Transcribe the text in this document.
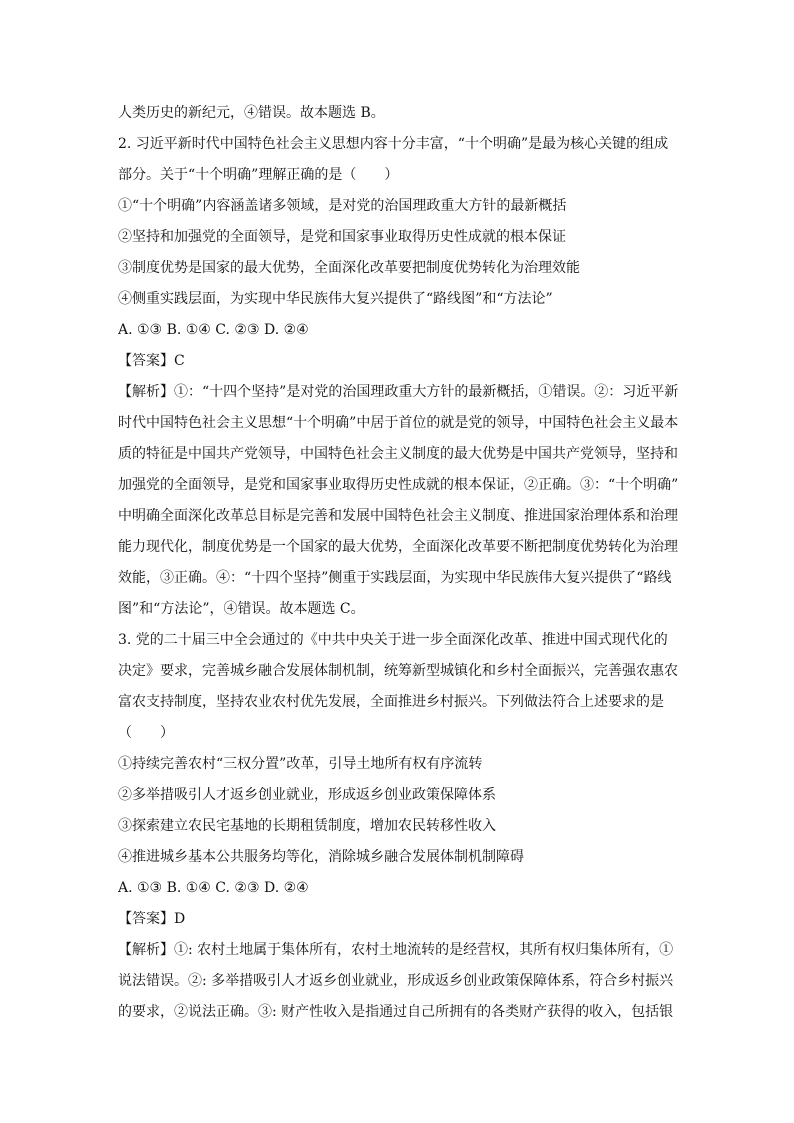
人类历史的新纪元，④错误。故本题选 B。
2. 习近平新时代中国特色社会主义思想内容十分丰富，“十个明确”是最为核心关键的组成
部分。关于“十个明确”理解正确的是（　　）
①“十个明确”内容涵盖诸多领域，是对党的治国理政重大方针的最新概括
②坚持和加强党的全面领导，是党和国家事业取得历史性成就的根本保证
③制度优势是国家的最大优势，全面深化改革要把制度优势转化为治理效能
④侧重实践层面，为实现中华民族伟大复兴提供了“路线图”和“方法论”
A. ①③ B. ①④ C. ②③ D. ②④
【答案】C
【解析】①：“十四个坚持”是对党的治国理政重大方针的最新概括，①错误。②：习近平新
时代中国特色社会主义思想“十个明确”中居于首位的就是党的领导，中国特色社会主义最本
质的特征是中国共产党领导，中国特色社会主义制度的最大优势是中国共产党领导，坚持和
加强党的全面领导，是党和国家事业取得历史性成就的根本保证，②正确。③：“十个明确”
中明确全面深化改革总目标是完善和发展中国特色社会主义制度、推进国家治理体系和治理
能力现代化，制度优势是一个国家的最大优势，全面深化改革要不断把制度优势转化为治理
效能，③正确。④：“十四个坚持”侧重于实践层面，为实现中华民族伟大复兴提供了“路线
图”和“方法论”，④错误。故本题选 C。
3. 党的二十届三中全会通过的《中共中央关于进一步全面深化改革、推进中国式现代化的
决定》要求，完善城乡融合发展体制机制，统筹新型城镇化和乡村全面振兴，完善强农惠农
富农支持制度，坚持农业农村优先发展，全面推进乡村振兴。下列做法符合上述要求的是
（　　）
①持续完善农村“三权分置”改革，引导土地所有权有序流转
②多举措吸引人才返乡创业就业，形成返乡创业政策保障体系
③探索建立农民宅基地的长期租赁制度，增加农民转移性收入
④推进城乡基本公共服务均等化，消除城乡融合发展体制机制障碍
A. ①③ B. ①④ C. ②③ D. ②④
【答案】D
【解析】①: 农村土地属于集体所有，农村土地流转的是经营权，其所有权归集体所有，①
说法错误。②: 多举措吸引人才返乡创业就业，形成返乡创业政策保障体系，符合乡村振兴
的要求，②说法正确。③: 财产性收入是指通过自己所拥有的各类财产获得的收入，包括银
